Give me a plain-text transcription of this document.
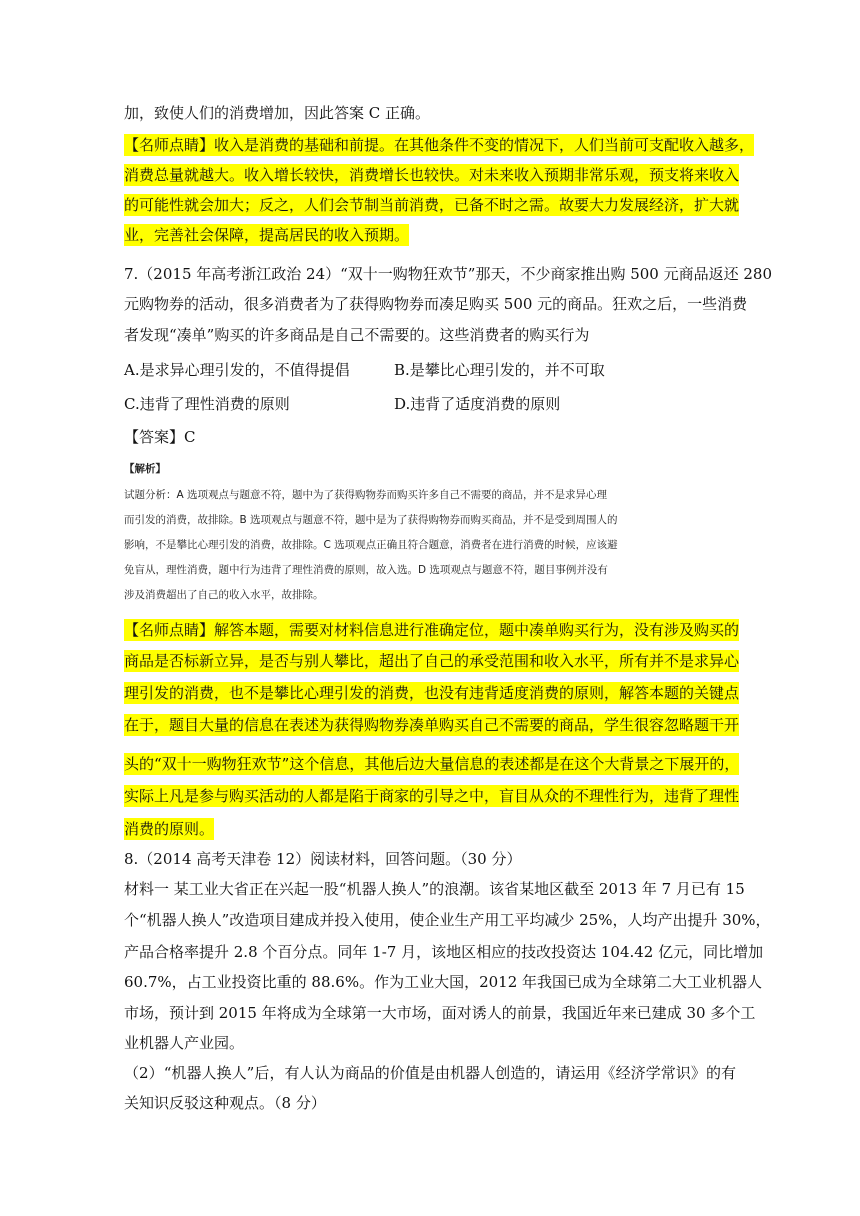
加，致使人们的消费增加，因此答案 C 正确。
【名师点睛】收入是消费的基础和前提。在其他条件不变的情况下，人们当前可支配收入越多，
消费总量就越大。收入增长较快，消费增长也较快。对未来收入预期非常乐观，预支将来收入
的可能性就会加大；反之，人们会节制当前消费，已备不时之需。故要大力发展经济，扩大就
业，完善社会保障，提高居民的收入预期。
7.（2015 年高考浙江政治 24）“双十一购物狂欢节”那天，不少商家推出购 500 元商品返还 280
元购物券的活动，很多消费者为了获得购物券而凑足购买 500 元的商品。狂欢之后，一些消费
者发现“凑单”购买的许多商品是自己不需要的。这些消费者的购买行为
A.是求异心理引发的，不值得提倡	B.是攀比心理引发的，并不可取
C.违背了理性消费的原则	D.违背了适度消费的原则
【答案】C
【解析】
试题分析：A 选项观点与题意不符，题中为了获得购物券而购买许多自己不需要的商品，并不是求异心理
而引发的消费，故排除。B 选项观点与题意不符，题中是为了获得购物券而购买商品，并不是受到周围人的
影响，不是攀比心理引发的消费，故排除。C 选项观点正确且符合题意，消费者在进行消费的时候，应该避
免盲从，理性消费，题中行为违背了理性消费的原则，故入选。D 选项观点与题意不符，题目事例并没有
涉及消费超出了自己的收入水平，故排除。
【名师点睛】解答本题，需要对材料信息进行准确定位，题中凑单购买行为，没有涉及购买的
商品是否标新立异，是否与别人攀比，超出了自己的承受范围和收入水平，所有并不是求异心
理引发的消费，也不是攀比心理引发的消费，也没有违背适度消费的原则，解答本题的关键点
在于，题目大量的信息在表述为获得购物券凑单购买自己不需要的商品，学生很容忽略题干开
头的“双十一购物狂欢节”这个信息，其他后边大量信息的表述都是在这个大背景之下展开的，
实际上凡是参与购买活动的人都是陷于商家的引导之中，盲目从众的不理性行为，违背了理性
消费的原则。
8.（2014 高考天津卷 12）阅读材料，回答问题。（30 分）
材料一 某工业大省正在兴起一股“机器人换人”的浪潮。该省某地区截至 2013 年 7 月已有 15
个“机器人换人”改造项目建成并投入使用，使企业生产用工平均减少 25%，人均产出提升 30%，
产品合格率提升 2.8 个百分点。同年 1-7 月，该地区相应的技改投资达 104.42 亿元，同比增加
60.7%，占工业投资比重的 88.6%。作为工业大国，2012 年我国已成为全球第二大工业机器人
市场，预计到 2015 年将成为全球第一大市场，面对诱人的前景，我国近年来已建成 30 多个工
业机器人产业园。
（2）“机器人换人”后，有人认为商品的价值是由机器人创造的，请运用《经济学常识》的有
关知识反驳这种观点。（8 分）
